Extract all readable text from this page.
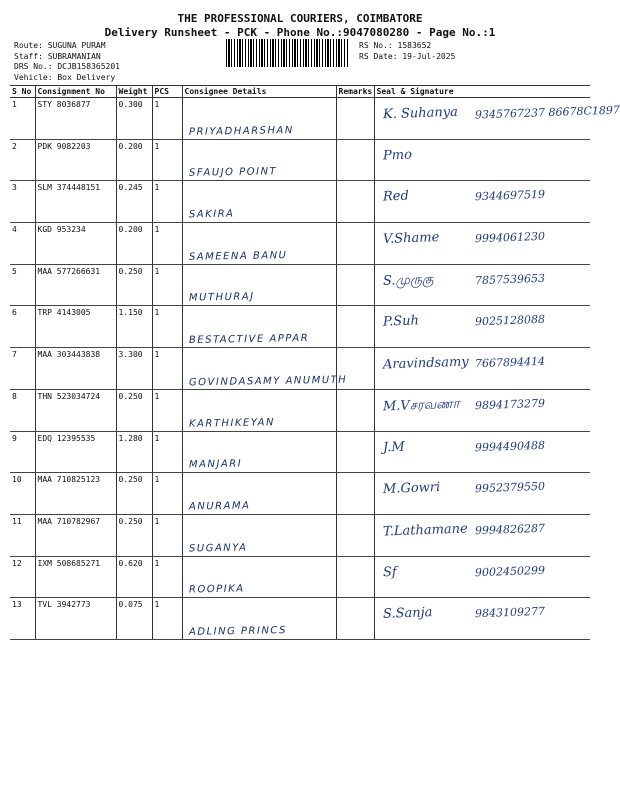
THE PROFESSIONAL COURIERS, COIMBATORE
Delivery Runsheet - PCK - Phone No.:9047080280 - Page No.:1
Route: SUGUNA PURAM
Staff: SUBRAMANIAN
DRS No.: DCJB158365201
Vehicle: Box Delivery
RS No.: 1583652
RS Date: 19-Jul-2025
S No	Consignment No	Weight	PCS	Consignee Details	Remarks	Seal & Signature
1	STY 8036877	0.300	1	PRIYADHARSHAN		K. Suhanya 9345767237 86678C1897

2	PDK 9082203	0.200	1	SFAUJO POINT		Pmo

3	SLM 374448151	0.245	1	SAKIRA		Red 9344697519

4	KGD 953234	0.200	1	SAMEENA BANU		V.Shame 9994061230

5	MAA 577266631	0.250	1	MUTHURAJ		S.முருகு 7857539653

6	TRP 4143005	1.150	1	BESTACTIVE APPAR		P.Suh 9025128088

7	MAA 303443838	3.300	1	GOVINDASAMY ANUMUTH		Aravindsamy 7667894414

8	THN 523034724	0.250	1	KARTHIKEYAN		M.Vசரவணா 9894173279

9	EDQ 12395535	1.280	1	MANJARI		J.M 9994490488

10	MAA 710825123	0.250	1	ANURAMA		M.Gowri 9952379550

11	MAA 710782967	0.250	1	SUGANYA		T.Lathamane 9994826287

12	IXM 508685271	0.620	1	ROOPIKA		Sf 9002450299

13	TVL 3942773	0.075	1	ADLING PRINCS		S.Sanja 9843109277
